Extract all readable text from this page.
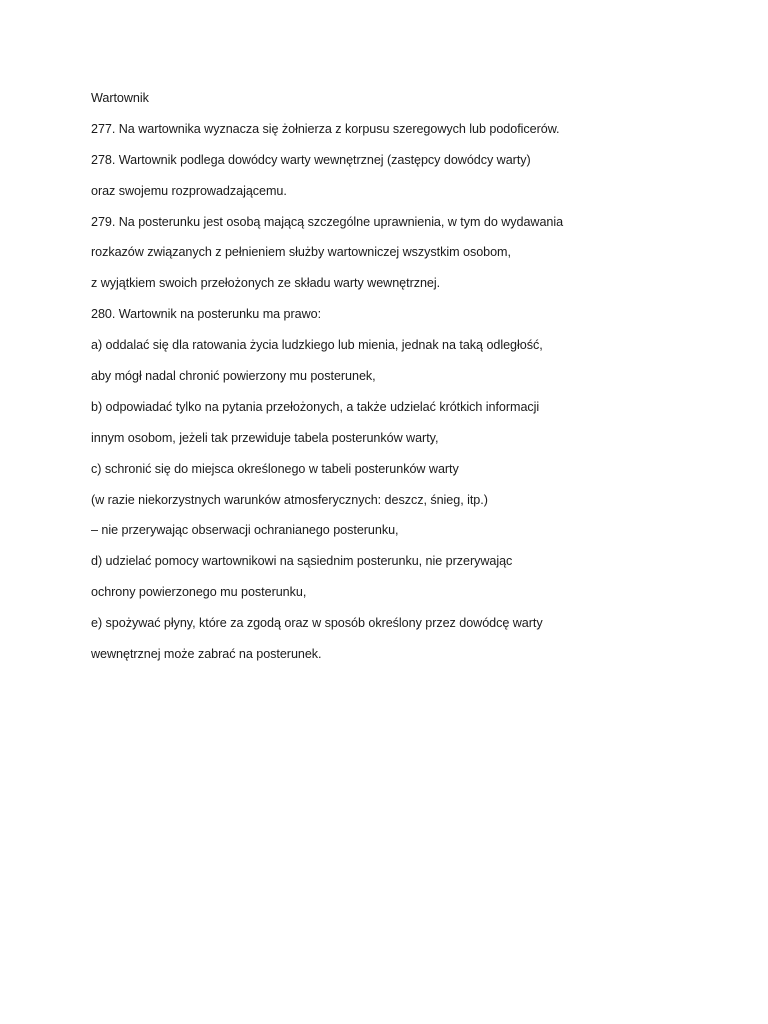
Wartownik
277. Na wartownika wyznacza się żołnierza z korpusu szeregowych lub podoficerów.
278. Wartownik podlega dowódcy warty wewnętrznej (zastępcy dowódcy warty)
oraz swojemu rozprowadzającemu.
279. Na posterunku jest osobą mającą szczególne uprawnienia, w tym do wydawania
rozkazów związanych z pełnieniem służby wartowniczej wszystkim osobom,
z wyjątkiem swoich przełożonych ze składu warty wewnętrznej.
280. Wartownik na posterunku ma prawo:
a) oddalać się dla ratowania życia ludzkiego lub mienia, jednak na taką odległość,
aby mógł nadal chronić powierzony mu posterunek,
b) odpowiadać tylko na pytania przełożonych, a także udzielać krótkich informacji
innym osobom, jeżeli tak przewiduje tabela posterunków warty,
c) schronić się do miejsca określonego w tabeli posterunków warty
(w razie niekorzystnych warunków atmosferycznych: deszcz, śnieg, itp.)
– nie przerywając obserwacji ochranianego posterunku,
d) udzielać pomocy wartownikowi na sąsiednim posterunku, nie przerywając
ochrony powierzonego mu posterunku,
e) spożywać płyny, które za zgodą oraz w sposób określony przez dowódcę warty
wewnętrznej może zabrać na posterunek.
